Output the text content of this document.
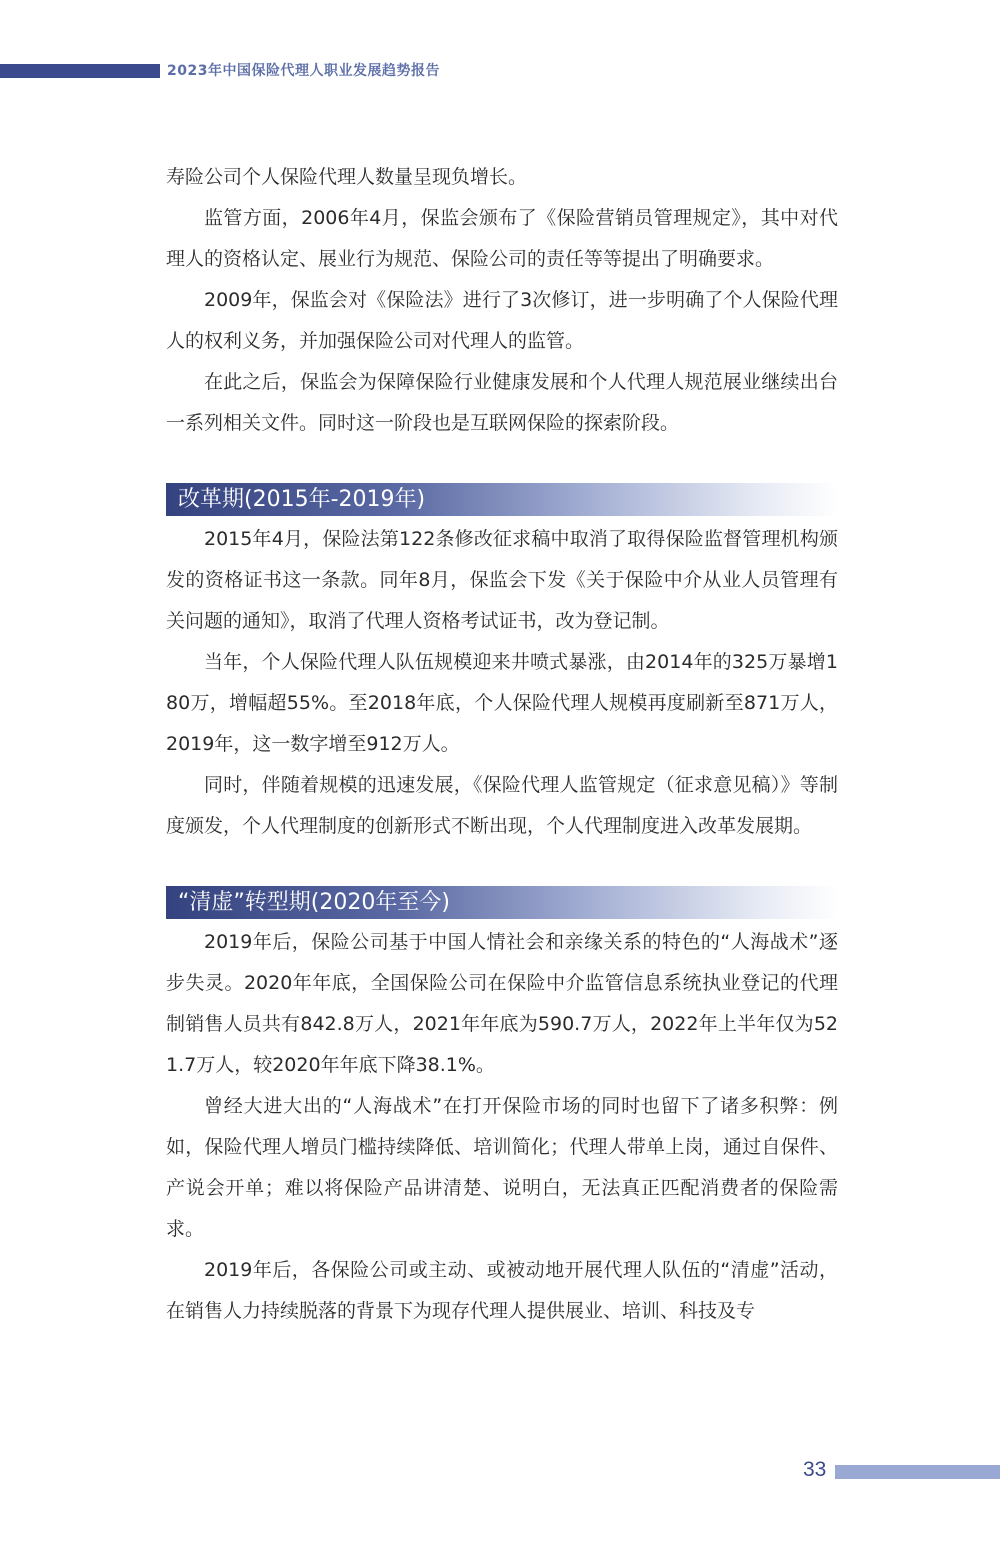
2023年中国保险代理人职业发展趋势报告

寿险公司个人保险代理人数量呈现负增长。

监管方面，2006年4月，保监会颁布了《保险营销员管理规定》，其中对代理人的资格认定、展业行为规范、保险公司的责任等等提出了明确要求。

2009年，保监会对《保险法》进行了3次修订，进一步明确了个人保险代理人的权利义务，并加强保险公司对代理人的监管。

在此之后，保监会为保障保险行业健康发展和个人代理人规范展业继续出台一系列相关文件。同时这一阶段也是互联网保险的探索阶段。

改革期(2015年-2019年)

2015年4月，保险法第122条修改征求稿中取消了取得保险监督管理机构颁发的资格证书这一条款。同年8月，保监会下发《关于保险中介从业人员管理有关问题的通知》，取消了代理人资格考试证书，改为登记制。

当年，个人保险代理人队伍规模迎来井喷式暴涨，由2014年的325万暴增180万，增幅超55%。至2018年底，个人保险代理人规模再度刷新至871万人，2019年，这一数字增至912万人。

同时，伴随着规模的迅速发展，《保险代理人监管规定（征求意见稿）》等制度颁发，个人代理制度的创新形式不断出现，个人代理制度进入改革发展期。

“清虚”转型期(2020年至今)

2019年后，保险公司基于中国人情社会和亲缘关系的特色的“人海战术”逐步失灵。2020年年底，全国保险公司在保险中介监管信息系统执业登记的代理制销售人员共有842.8万人，2021年年底为590.7万人，2022年上半年仅为521.7万人，较2020年年底下降38.1%。

曾经大进大出的“人海战术”在打开保险市场的同时也留下了诸多积弊：例如，保险代理人增员门槛持续降低、培训简化；代理人带单上岗，通过自保件、产说会开单；难以将保险产品讲清楚、说明白，无法真正匹配消费者的保险需求。

2019年后，各保险公司或主动、或被动地开展代理人队伍的“清虚”活动，在销售人力持续脱落的背景下为现存代理人提供展业、培训、科技及专

33
